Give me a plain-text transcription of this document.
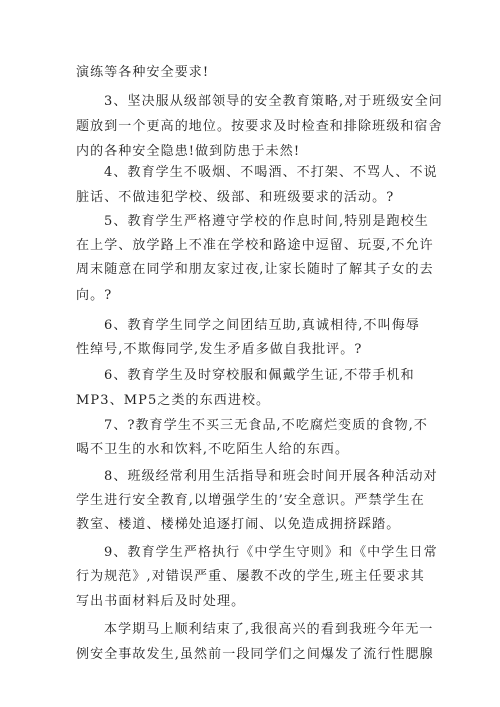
演练等各种安全要求!
3、坚决服从级部领导的安全教育策略,对于班级安全问
题放到一个更高的地位。按要求及时检查和排除班级和宿舍
内的各种安全隐患!做到防患于未然!
4、教育学生不吸烟、不喝酒、不打架、不骂人、不说
脏话、不做违犯学校、级部、和班级要求的活动。?
5、教育学生严格遵守学校的作息时间,特别是跑校生
在上学、放学路上不准在学校和路途中逗留、玩耍,不允许
周末随意在同学和朋友家过夜,让家长随时了解其子女的去
向。?
6、教育学生同学之间团结互助,真诚相待,不叫侮辱
性绰号,不欺侮同学,发生矛盾多做自我批评。?
6、教育学生及时穿校服和佩戴学生证,不带手机和
MP3、MP5之类的东西进校。
7、?教育学生不买三无食品,不吃腐烂变质的食物,不
喝不卫生的水和饮料,不吃陌生人给的东西。
8、班级经常利用生活指导和班会时间开展各种活动对
学生进行安全教育,以增强学生的’安全意识。严禁学生在
教室、楼道、楼梯处追逐打闹、以免造成拥挤踩踏。
9、教育学生严格执行《中学生守则》和《中学生日常
行为规范》,对错误严重、屡教不改的学生,班主任要求其
写出书面材料后及时处理。
本学期马上顺利结束了,我很高兴的看到我班今年无一
例安全事故发生,虽然前一段同学们之间爆发了流行性腮腺
